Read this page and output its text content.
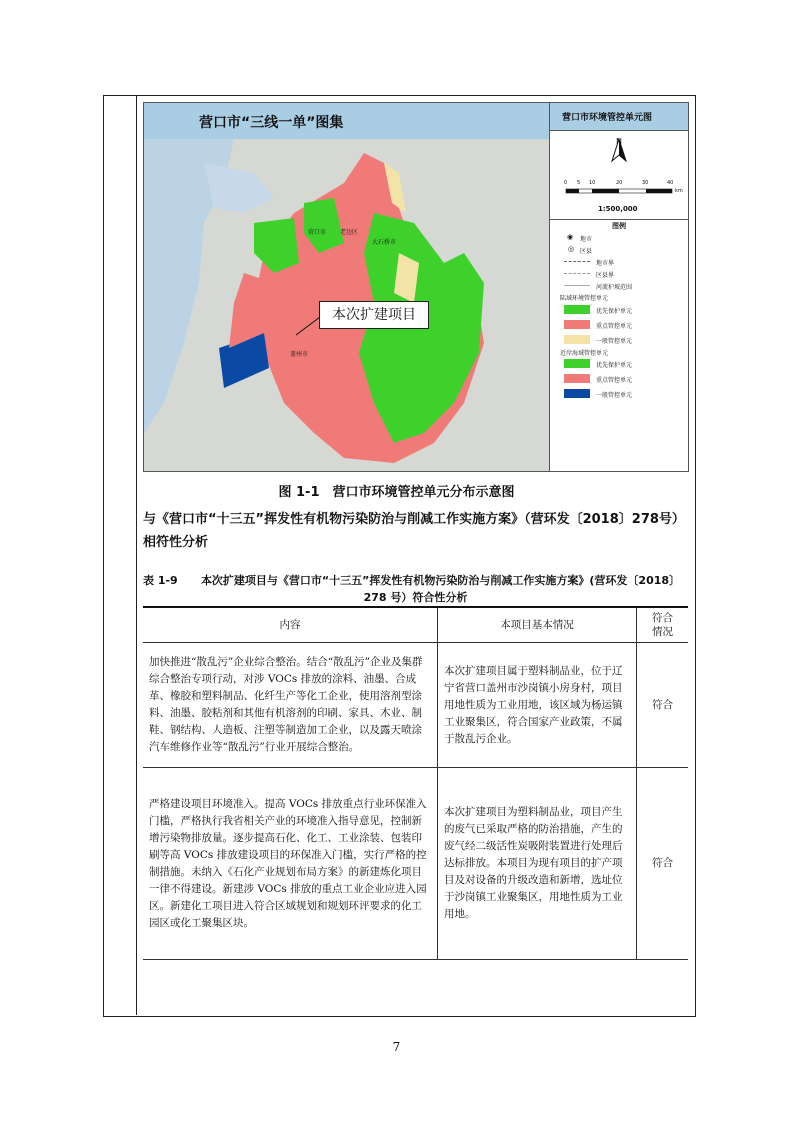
营口市“三线一单”图集
营口市 老边区
大石桥市
盖州市
本次扩建项目
营口市环境管控单元图
N
0 5 10	20	30	40
km
1:500,000
图例
◉ 地市
◎ 区县
地市界
区县界
河流护坡范围
陆域环境管控单元
优先保护单元
重点管控单元
一般管控单元
近岸海域管控单元
优先保护单元
重点管控单元
一般管控单元
图 1-1　营口市环境管控单元分布示意图
与《营口市“十三五”挥发性有机物污染防治与削减工作实施方案》（营环发〔2018〕278号）相符性分析
表 1-9	本次扩建项目与《营口市“十三五”挥发性有机物污染防治与削减工作实施方案》(营环发〔2018〕
278 号）符合性分析
内容	本项目基本情况	符合情况
加快推进“散乱污”企业综合整治。结合“散乱污”企业及集群综合整治专项行动，对涉 VOCs 排放的涂料、油墨、合成革、橡胶和塑料制品、化纤生产等化工企业，使用溶剂型涂料、油墨、胶粘剂和其他有机溶剂的印刷、家具、木业、制鞋、钢结构、人造板、注塑等制造加工企业，以及露天喷涂汽车维修作业等“散乱污”行业开展综合整治。	本次扩建项目属于塑料制品业，位于辽宁省营口盖州市沙岗镇小房身村，项目用地性质为工业用地，该区域为杨运镇工业聚集区，符合国家产业政策，不属于散乱污企业。	符合
严格建设项目环境准入。提高 VOCs 排放重点行业环保准入门槛，严格执行我省相关产业的环境准入指导意见，控制新增污染物排放量。逐步提高石化、化工、工业涂装、包装印刷等高 VOCs 排放建设项目的环保准入门槛，实行严格的控制措施。未纳入《石化产业规划布局方案》的新建炼化项目一律不得建设。新建涉 VOCs 排放的重点工业企业应进入园区。新建化工项目进入符合区域规划和规划环评要求的化工园区或化工聚集区块。	本次扩建项目为塑料制品业，项目产生的废气已采取严格的防治措施，产生的废气经二级活性炭吸附装置进行处理后达标排放。本项目为现有项目的扩产项目及对设备的升级改造和新增，选址位于沙岗镇工业聚集区，用地性质为工业用地。	符合
7
